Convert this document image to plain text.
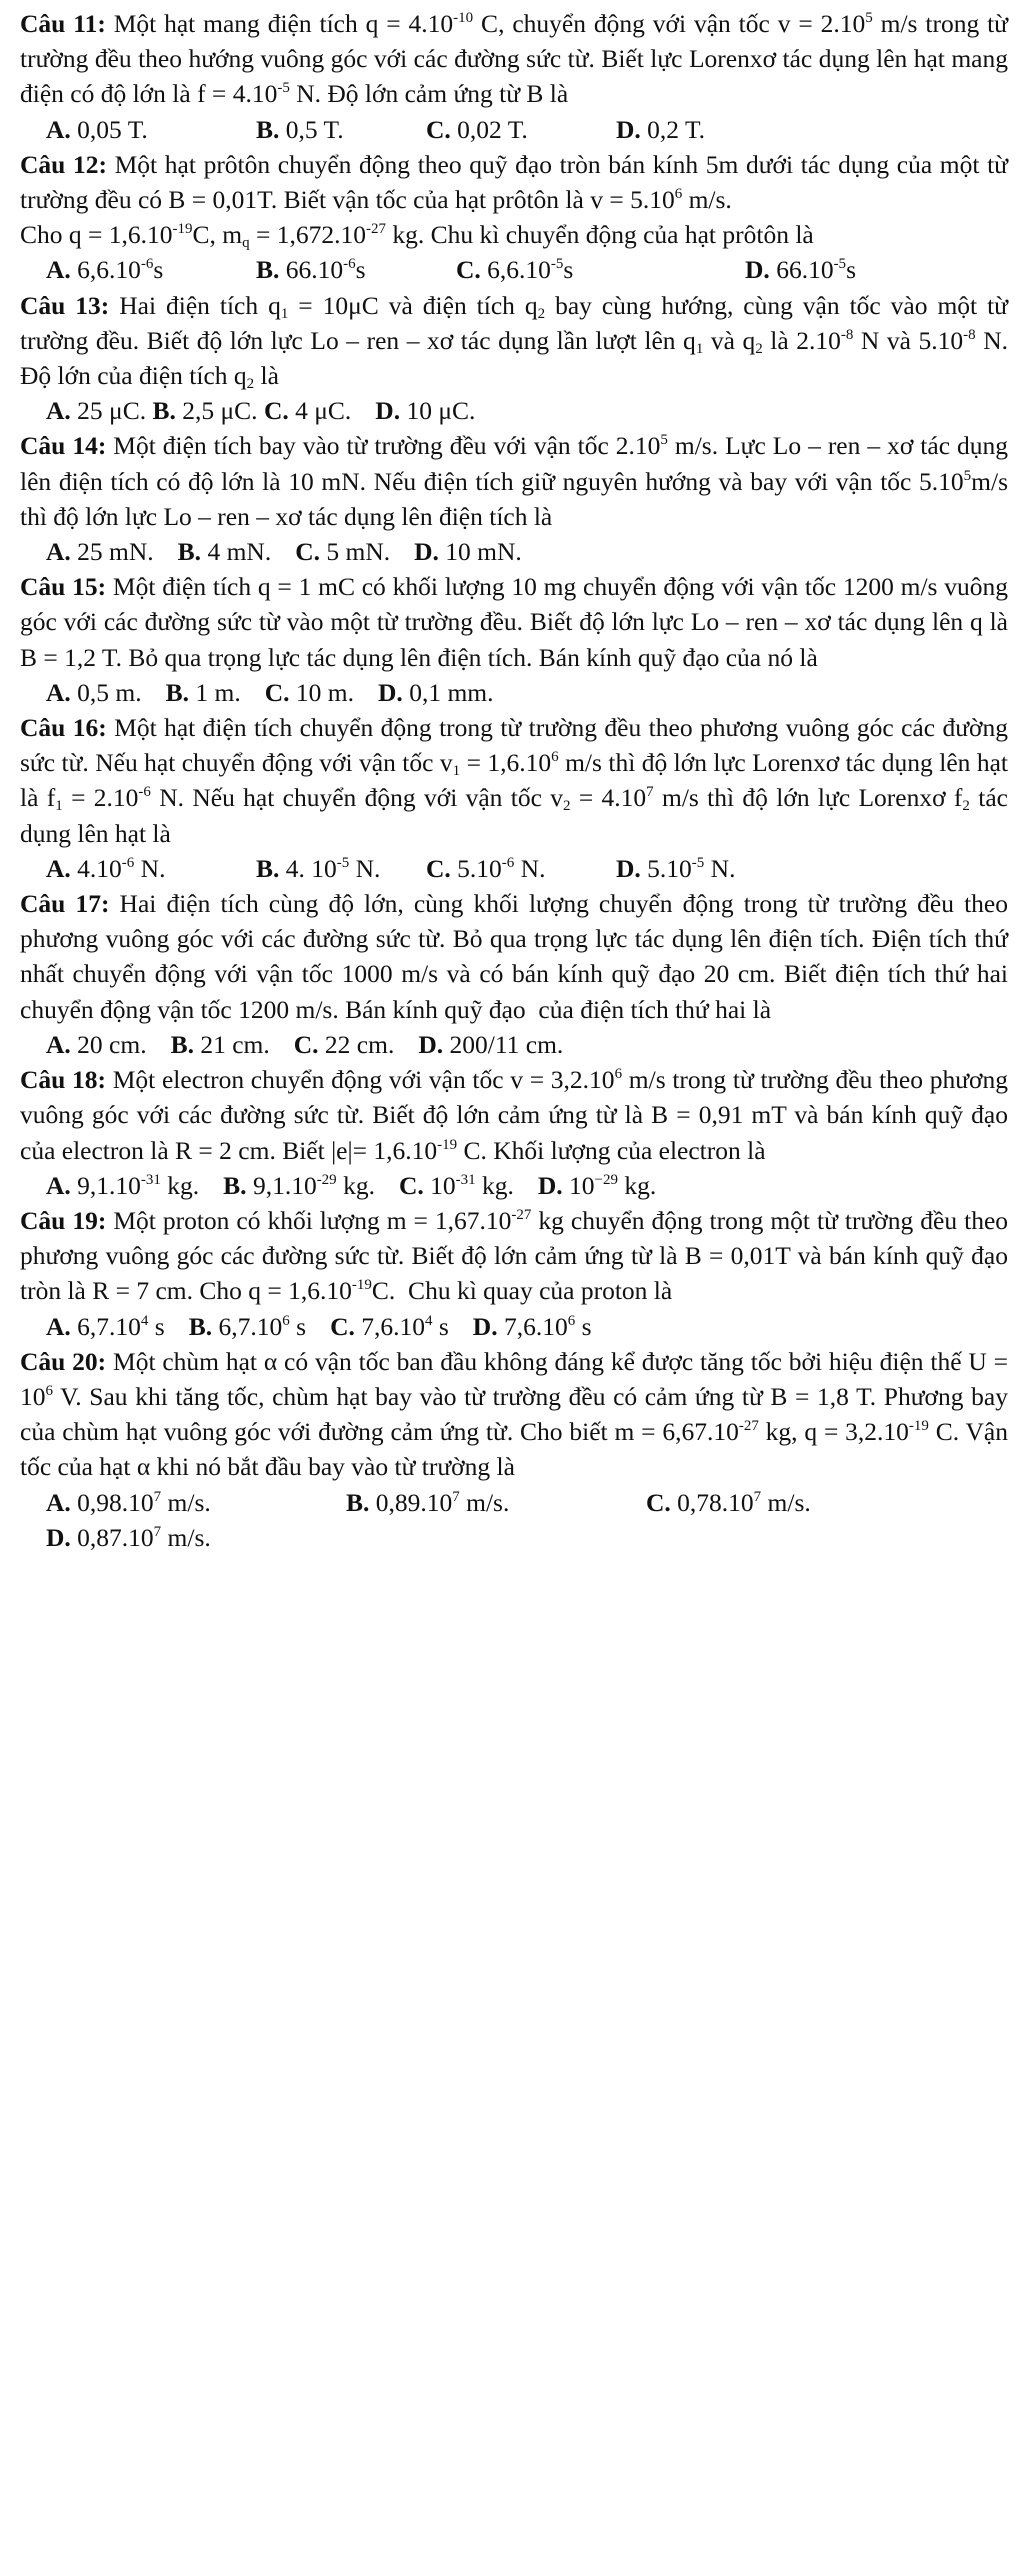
Câu 11: Một hạt mang điện tích $q = 4.10^{-10}$ C, chuyển động với vận tốc $v = 2.10^5$ m/s trong từ trường đều theo hướng vuông góc với các đường sức từ. Biết lực Lorenxơ tác dụng lên hạt mang điện có độ lớn là $f = 4.10^{-5}$ N. Độ lớn cảm ứng từ B là

A. 0,05 T.	B. 0,5 T.	C. 0,02 T.	D. 0,2 T.

Câu 12: Một hạt prôtôn chuyển động theo quỹ đạo tròn bán kính 5m dưới tác dụng của một từ trường đều có B = 0,01T. Biết vận tốc của hạt prôtôn là $v = 5.10^6$ m/s.
Cho $q = 1,6.10^{-19}C$, $m_q = 1,672.10^{-27}$ kg. Chu kì chuyển động của hạt prôtôn là

A. $6,6.10^{-6}s$	B. $66.10^{-6}s$	C. $6,6.10^{-5}s$	D. $66.10^{-5}s$

Câu 13: Hai điện tích $q_1 = 10\mu C$ và điện tích $q_2$ bay cùng hướng, cùng vận tốc vào một từ trường đều. Biết độ lớn lực Lo – ren – xơ tác dụng lần lượt lên $q_1$ và $q_2$ là $2.10^{-8}$ N và $5.10^{-8}$ N. Độ lớn của điện tích $q_2$ là

A. 25 μC. B. 2,5 μC. C. 4 μC. D. 10 μC.

Câu 14: Một điện tích bay vào từ trường đều với vận tốc 2.10$^5$ m/s. Lực Lo – ren – xơ tác dụng lên điện tích có độ lớn là 10 mN. Nếu điện tích giữ nguyên hướng và bay với vận tốc 5.10$^5$m/s thì độ lớn lực Lo – ren – xơ tác dụng lên điện tích là

A. 25 mN. B. 4 mN. C. 5 mN. D. 10 mN.

Câu 15: Một điện tích q = 1 mC có khối lượng 10 mg chuyển động với vận tốc 1200 m/s vuông góc với các đường sức từ vào một từ trường đều. Biết độ lớn lực Lo – ren – xơ tác dụng lên q là B = 1,2 T. Bỏ qua trọng lực tác dụng lên điện tích. Bán kính quỹ đạo của nó là

A. 0,5 m. B. 1 m. C. 10 m. D. 0,1 mm.

Câu 16: Một hạt điện tích chuyển động trong từ trường đều theo phương vuông góc các đường sức từ. Nếu hạt chuyển động với vận tốc $v_1 = 1,6.10^6$ m/s thì độ lớn lực Lorenxơ tác dụng lên hạt là $f_1 = 2.10^{-6}$ N. Nếu hạt chuyển động với vận tốc $v_2 = 4.10^7$ m/s thì độ lớn lực Lorenxơ $f_2$ tác dụng lên hạt là

A. $4.10^{-6}$ N.	B. 4. $10^{-5}$ N.	C. $5.10^{-6}$ N.	D. $5.10^{-5}$ N.

Câu 17: Hai điện tích cùng độ lớn, cùng khối lượng chuyển động trong từ trường đều theo phương vuông góc với các đường sức từ. Bỏ qua trọng lực tác dụng lên điện tích. Điện tích thứ nhất chuyển động với vận tốc 1000 m/s và có bán kính quỹ đạo 20 cm. Biết điện tích thứ hai chuyển động vận tốc 1200 m/s. Bán kính quỹ đạo  của điện tích thứ hai là

A. 20 cm. B. 21 cm. C. 22 cm. D. 200/11 cm.

Câu 18: Một electron chuyển động với vận tốc $v = 3,2.10^6$ m/s trong từ trường đều theo phương vuông góc với các đường sức từ. Biết độ lớn cảm ứng từ là B = 0,91 mT và bán kính quỹ đạo của electron là R = 2 cm. Biết $|e|= 1,6.10^{-19}$ C. Khối lượng của electron là

A. $9,1.10^{-31}$ kg. B. $9,1.10^{-29}$ kg. C. $10^{-31}$ kg. D. $10^{-29}$ kg.

Câu 19: Một proton có khối lượng $m = 1,67.10^{-27}$ kg chuyển động trong một từ trường đều theo phương vuông góc các đường sức từ. Biết độ lớn cảm ứng từ là B = 0,01T và bán kính quỹ đạo tròn là R = 7 cm. Cho $q = 1,6.10^{-19}C$.  Chu kì quay của proton là

A. 6,7.10$^4$ s B. 6,7.10$^6$ s C. 7,6.10$^4$ s D. 7,6.10$^6$ s

Câu 20: Một chùm hạt α có vận tốc ban đầu không đáng kể được tăng tốc bởi hiệu điện thế $U = 10^6$ V. Sau khi tăng tốc, chùm hạt bay vào từ trường đều có cảm ứng từ B = 1,8 T. Phương bay của chùm hạt vuông góc với đường cảm ứng từ. Cho biết $m = 6,67.10^{-27}$ kg, $q = 3,2.10^{-19}$ C. Vận tốc của hạt α khi nó bắt đầu bay vào từ trường là

A. 0,98.10$^7$ m/s.	B. 0,89.10$^7$ m/s.	C. 0,78.10$^7$ m/s.
D. 0,87.10$^7$ m/s.
